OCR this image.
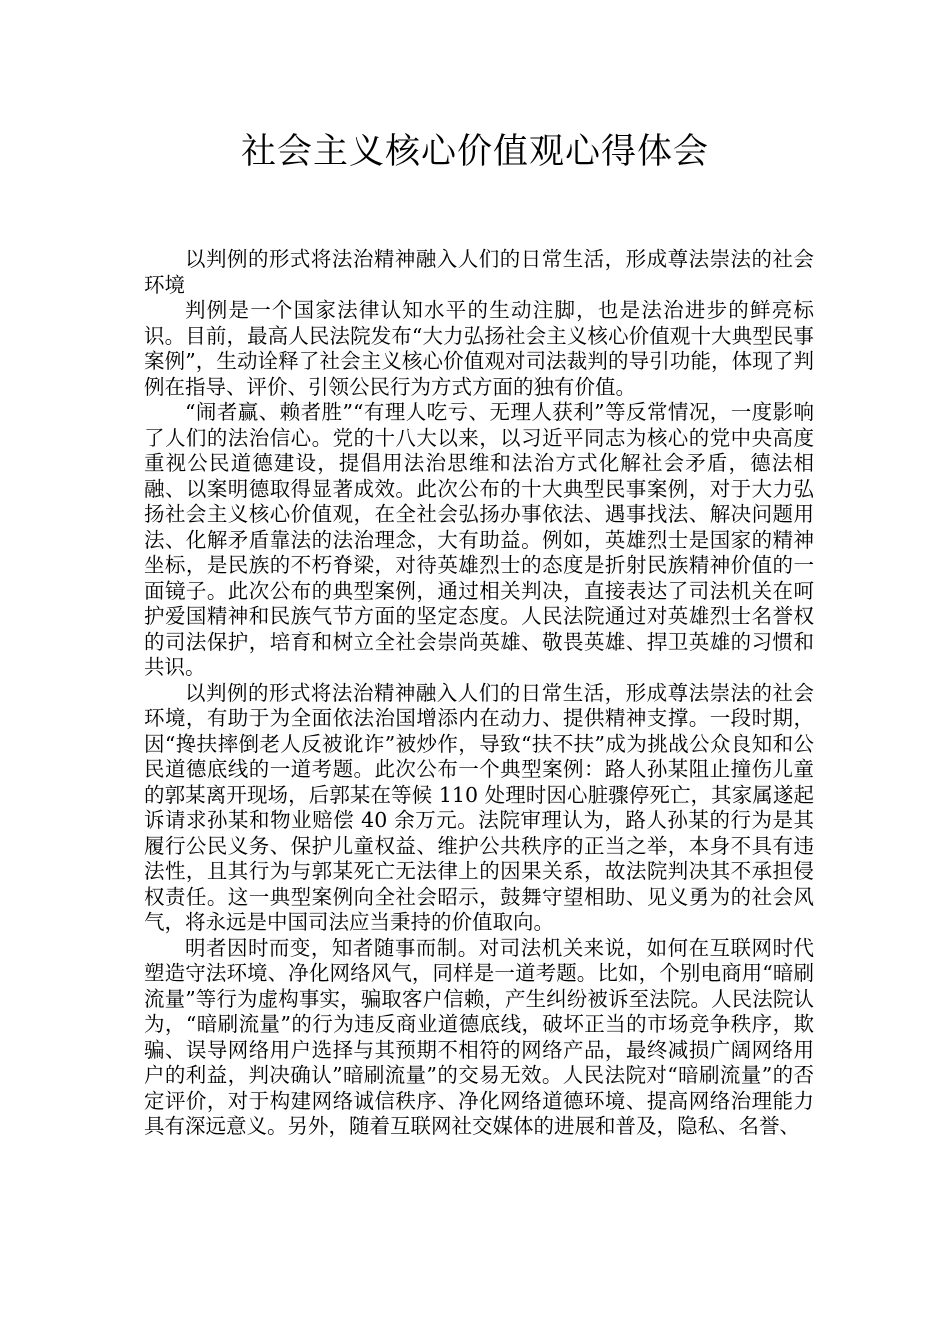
社会主义核心价值观心得体会

以判例的形式将法治精神融入人们的日常生活，形成尊法崇法的社会环境

判例是一个国家法律认知水平的生动注脚，也是法治进步的鲜亮标识。目前，最高人民法院发布“大力弘扬社会主义核心价值观十大典型民事案例”，生动诠释了社会主义核心价值观对司法裁判的导引功能，体现了判例在指导、评价、引领公民行为方式方面的独有价值。

“闹者赢、赖者胜”“有理人吃亏、无理人获利”等反常情况，一度影响了人们的法治信心。党的十八大以来，以习近平同志为核心的党中央高度重视公民道德建设，提倡用法治思维和法治方式化解社会矛盾，德法相融、以案明德取得显著成效。此次公布的十大典型民事案例，对于大力弘扬社会主义核心价值观，在全社会弘扬办事依法、遇事找法、解决问题用法、化解矛盾靠法的法治理念，大有助益。例如，英雄烈士是国家的精神坐标，是民族的不朽脊梁，对待英雄烈士的态度是折射民族精神价值的一面镜子。此次公布的典型案例，通过相关判决，直接表达了司法机关在呵护爱国精神和民族气节方面的坚定态度。人民法院通过对英雄烈士名誉权的司法保护，培育和树立全社会崇尚英雄、敬畏英雄、捍卫英雄的习惯和共识。

以判例的形式将法治精神融入人们的日常生活，形成尊法崇法的社会环境，有助于为全面依法治国增添内在动力、提供精神支撑。一段时期，因“搀扶摔倒老人反被讹诈”被炒作，导致“扶不扶”成为挑战公众良知和公民道德底线的一道考题。此次公布一个典型案例：路人孙某阻止撞伤儿童的郭某离开现场，后郭某在等候 110 处理时因心脏骤停死亡，其家属遂起诉请求孙某和物业赔偿 40 余万元。法院审理认为，路人孙某的行为是其履行公民义务、保护儿童权益、维护公共秩序的正当之举，本身不具有违法性，且其行为与郭某死亡无法律上的因果关系，故法院判决其不承担侵权责任。这一典型案例向全社会昭示，鼓舞守望相助、见义勇为的社会风气，将永远是中国司法应当秉持的价值取向。

明者因时而变，知者随事而制。对司法机关来说，如何在互联网时代塑造守法环境、净化网络风气，同样是一道考题。比如，个别电商用“暗刷流量”等行为虚构事实，骗取客户信赖，产生纠纷被诉至法院。人民法院认为，“暗刷流量”的行为违反商业道德底线，破坏正当的市场竞争秩序，欺骗、误导网络用户选择与其预期不相符的网络产品，最终减损广阔网络用户的利益，判决确认”暗刷流量”的交易无效。人民法院对“暗刷流量”的否定评价，对于构建网络诚信秩序、净化网络道德环境、提高网络治理能力具有深远意义。另外，随着互联网社交媒体的进展和普及，隐私、名誉、
